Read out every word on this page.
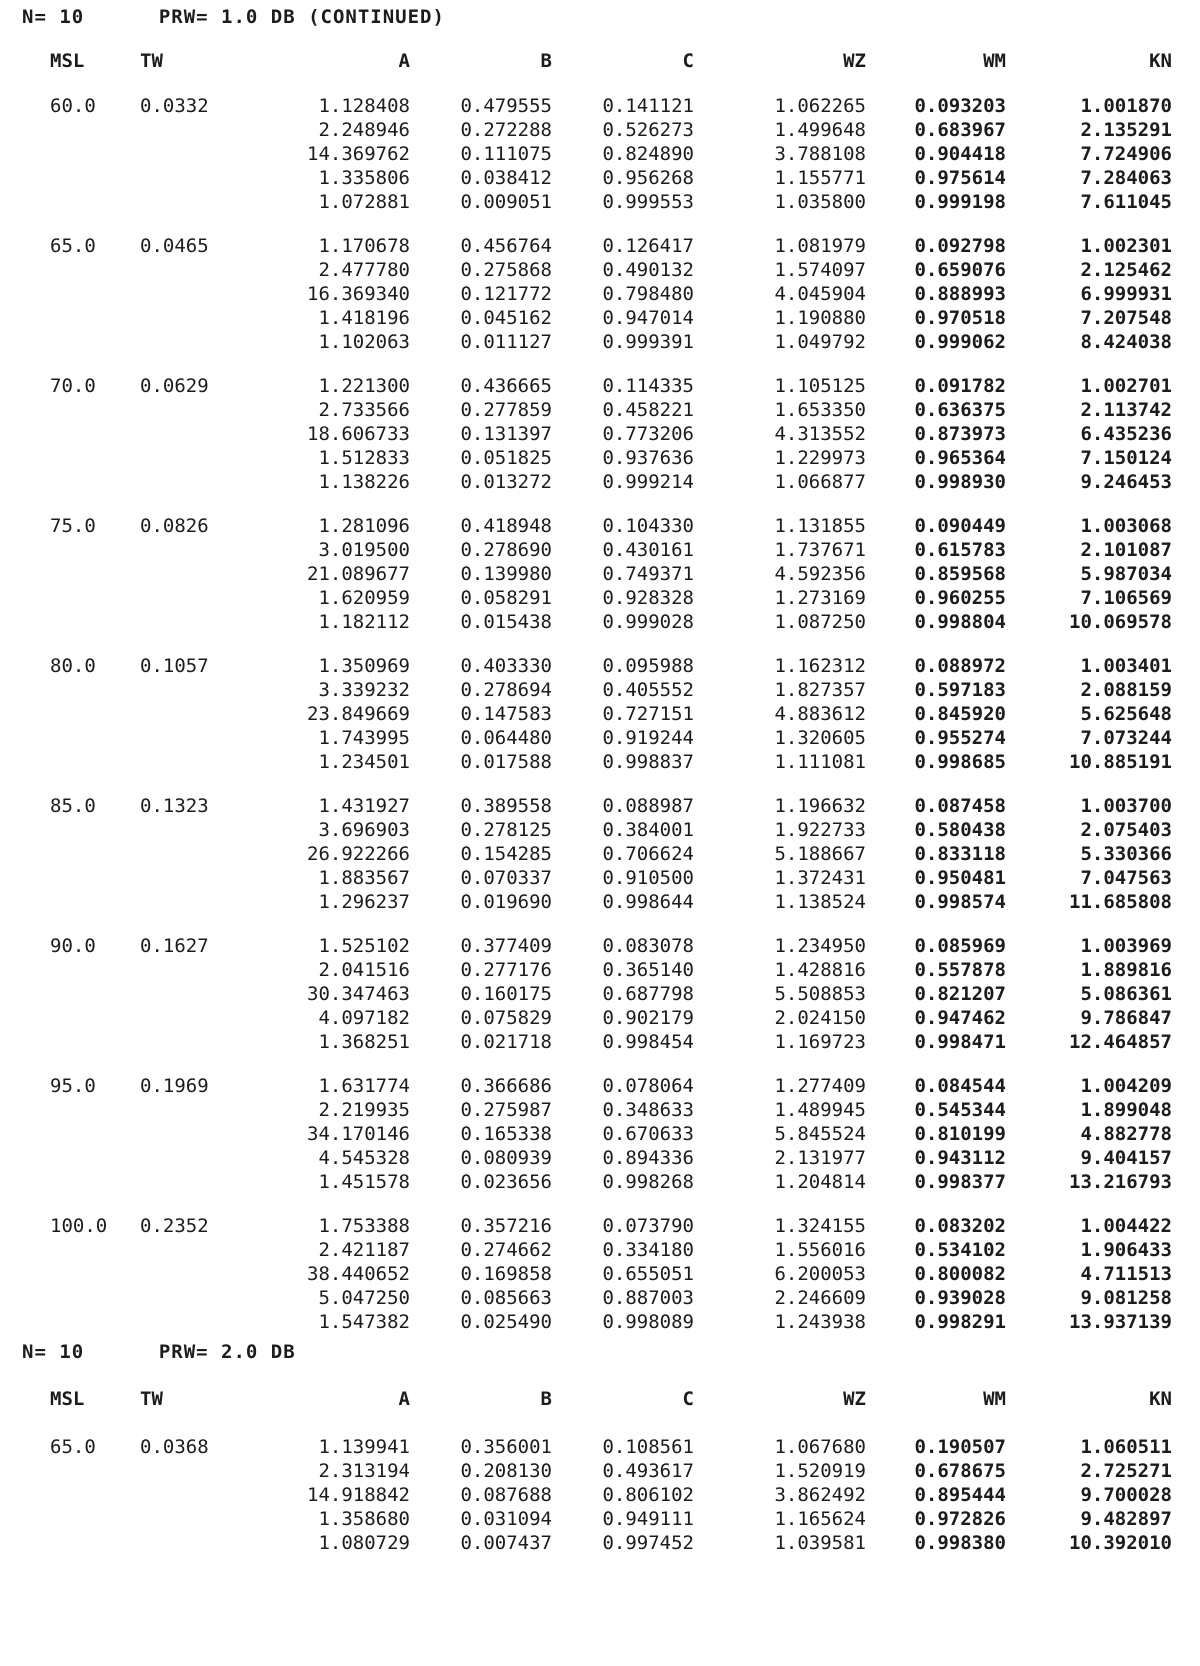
N= 10      PRW= 1.0 DB (CONTINUED)
MSL	TW	A	B	C	WZ	WM	KN
60.0 0.0332	1.128408	0.479555	0.141121	1.062265	0.093203	1.001870
2.248946	0.272288	0.526273	1.499648	0.683967	2.135291
14.369762	0.111075	0.824890	3.788108	0.904418	7.724906
1.335806	0.038412	0.956268	1.155771	0.975614	7.284063
1.072881	0.009051	0.999553	1.035800	0.999198	7.611045
65.0 0.0465	1.170678	0.456764	0.126417	1.081979	0.092798	1.002301
2.477780	0.275868	0.490132	1.574097	0.659076	2.125462
16.369340	0.121772	0.798480	4.045904	0.888993	6.999931
1.418196	0.045162	0.947014	1.190880	0.970518	7.207548
1.102063	0.011127	0.999391	1.049792	0.999062	8.424038
70.0 0.0629	1.221300	0.436665	0.114335	1.105125	0.091782	1.002701
2.733566	0.277859	0.458221	1.653350	0.636375	2.113742
18.606733	0.131397	0.773206	4.313552	0.873973	6.435236
1.512833	0.051825	0.937636	1.229973	0.965364	7.150124
1.138226	0.013272	0.999214	1.066877	0.998930	9.246453
75.0 0.0826	1.281096	0.418948	0.104330	1.131855	0.090449	1.003068
3.019500	0.278690	0.430161	1.737671	0.615783	2.101087
21.089677	0.139980	0.749371	4.592356	0.859568	5.987034
1.620959	0.058291	0.928328	1.273169	0.960255	7.106569
1.182112	0.015438	0.999028	1.087250	0.998804	10.069578
80.0 0.1057	1.350969	0.403330	0.095988	1.162312	0.088972	1.003401
3.339232	0.278694	0.405552	1.827357	0.597183	2.088159
23.849669	0.147583	0.727151	4.883612	0.845920	5.625648
1.743995	0.064480	0.919244	1.320605	0.955274	7.073244
1.234501	0.017588	0.998837	1.111081	0.998685	10.885191
85.0 0.1323	1.431927	0.389558	0.088987	1.196632	0.087458	1.003700
3.696903	0.278125	0.384001	1.922733	0.580438	2.075403
26.922266	0.154285	0.706624	5.188667	0.833118	5.330366
1.883567	0.070337	0.910500	1.372431	0.950481	7.047563
1.296237	0.019690	0.998644	1.138524	0.998574	11.685808
90.0 0.1627	1.525102	0.377409	0.083078	1.234950	0.085969	1.003969
2.041516	0.277176	0.365140	1.428816	0.557878	1.889816
30.347463	0.160175	0.687798	5.508853	0.821207	5.086361
4.097182	0.075829	0.902179	2.024150	0.947462	9.786847
1.368251	0.021718	0.998454	1.169723	0.998471	12.464857
95.0 0.1969	1.631774	0.366686	0.078064	1.277409	0.084544	1.004209
2.219935	0.275987	0.348633	1.489945	0.545344	1.899048
34.170146	0.165338	0.670633	5.845524	0.810199	4.882778
4.545328	0.080939	0.894336	2.131977	0.943112	9.404157
1.451578	0.023656	0.998268	1.204814	0.998377	13.216793
100.0 0.2352	1.753388	0.357216	0.073790	1.324155	0.083202	1.004422
2.421187	0.274662	0.334180	1.556016	0.534102	1.906433
38.440652	0.169858	0.655051	6.200053	0.800082	4.711513
5.047250	0.085663	0.887003	2.246609	0.939028	9.081258
1.547382	0.025490	0.998089	1.243938	0.998291	13.937139
N= 10      PRW= 2.0 DB
MSL	TW	A	B	C	WZ	WM	KN
65.0 0.0368	1.139941	0.356001	0.108561	1.067680	0.190507	1.060511
2.313194	0.208130	0.493617	1.520919	0.678675	2.725271
14.918842	0.087688	0.806102	3.862492	0.895444	9.700028
1.358680	0.031094	0.949111	1.165624	0.972826	9.482897
1.080729	0.007437	0.997452	1.039581	0.998380	10.392010
